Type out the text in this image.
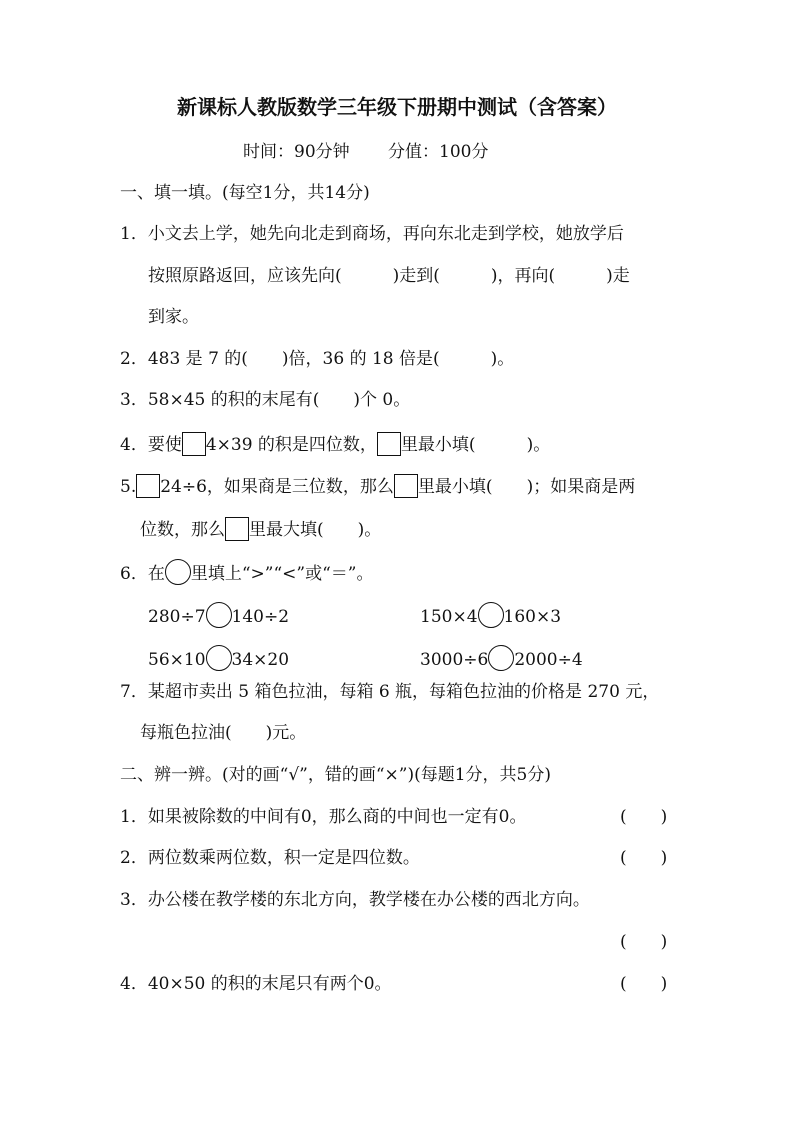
新课标人教版数学三年级下册期中测试（含答案）
时间：90分钟 分值：100分
一、填一填。(每空1分，共14分)
1．小文去上学，她先向北走到商场，再向东北走到学校，她放学后
按照原路返回，应该先向(　　　)走到(　　　)，再向(　　　)走
到家。
2．483 是 7 的(　　)倍，36 的 18 倍是(　　　)。
3．58×45 的积的末尾有(　　)个 0。
4．要使 4×39 的积是四位数， 里最小填(　　　)。
5. 24÷6，如果商是三位数，那么 里最小填(　　)；如果商是两
位数，那么 里最大填(　　)。
6．在 里填上“>”“<”或“＝”。
280÷7 140÷2	150×4 160×3
56×10 34×20	3000÷6 2000÷4
7．某超市卖出 5 箱色拉油，每箱 6 瓶，每箱色拉油的价格是 270 元，
每瓶色拉油(　　)元。
二、辨一辨。(对的画“√”，错的画“×”)(每题1分，共5分)
1．如果被除数的中间有0，那么商的中间也一定有0。	(　　)
2．两位数乘两位数，积一定是四位数。	(　　)
3．办公楼在教学楼的东北方向，教学楼在办公楼的西北方向。
(　　)
4．40×50 的积的末尾只有两个0。	(　　)
